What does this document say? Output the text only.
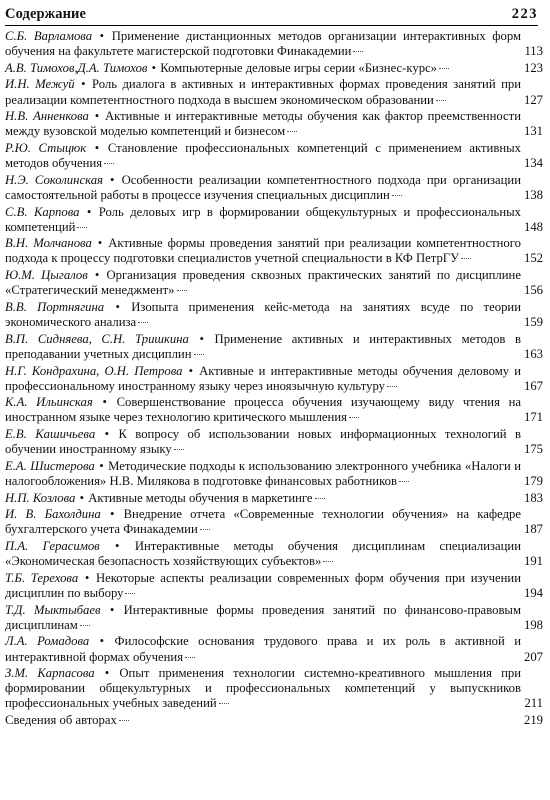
Содержание	223
С.Б. Варламова • Применение дистанционных методов организации интерактивных форм обучения на факультете магистерской подготовки Финакадемии	113
А.В. Тимохов,Д.А. Тимохов • Компьютерные деловые игры серии «Бизнес-курс»	123
И.Н. Межуй • Роль диалога в активных и интерактивных формах проведения занятий при реализации компетентностного подхода в высшем экономическом образовании	127
Н.В. Анненкова • Активные и интерактивные методы обучения как фактор преемственности между вузовской моделью компетенций и бизнесом	131
Р.Ю. Стыцюк • Становление профессиональных компетенций с применением активных методов обучения	134
Н.Э. Соколинская • Особенности реализации компетентностного подхода при организации самостоятельной работы в процессе изучения специальных дисциплин	138
С.В. Карпова • Роль деловых игр в формировании общекультурных и профессиональных компетенций	148
В.Н. Молчанова • Активные формы проведения занятий при реализации компетентностного подхода к процессу подготовки специалистов учетной специальности в КФ ПетрГУ	152
Ю.М. Цыгалов • Организация проведения сквозных практических занятий по дисциплине «Стратегический менеджмент»	156
В.В. Портнягина • Изопыта применения кейс-метода на занятиях всуде по теории экономического анализа	159
В.П. Сидняева, С.Н. Тришкина • Применение активных и интерактивных методов в преподавании учетных дисциплин	163
Н.Г. Кондрахина, О.Н. Петрова • Активные и интерактивные методы обучения деловому и профессиональному иностранному языку через иноязычную культуру	167
К.А. Ильинская • Совершенствование процесса обучения изучающему виду чтения на иностранном языке через технологию критического мышления	171
Е.В. Кашичьева • К вопросу об использовании новых информационных технологий в обучении иностранному языку	175
Е.А. Шистерова • Методические подходы к использованию электронного учебника «Налоги и налогообложения» Н.В. Милякова в подготовке финансовых работников	179
Н.П. Козлова • Активные методы обучения в маркетинге	183
И. В. Бахолдина • Внедрение отчета «Современные технологии обучения» на кафедре бухгалтерского учета Финакадемии	187
П.А. Герасимов • Интерактивные методы обучения дисциплинам специализации «Экономическая безопасность хозяйствующих субъектов»	191
Т.Б. Терехова • Некоторые аспекты реализации современных форм обучения при изучении дисциплин по выбору	194
Т.Д. Мыктыбаев • Интерактивные формы проведения занятий по финансово-правовым дисциплинам	198
Л.А. Ромадова • Философские основания трудового права и их роль в активной и интерактивной формах обучения	207
З.М. Карпасова • Опыт применения технологии системно-креативного мышления при формировании общекультурных и профессиональных компетенций у выпускников профессиональных учебных заведений	211
Сведения об авторах	219
